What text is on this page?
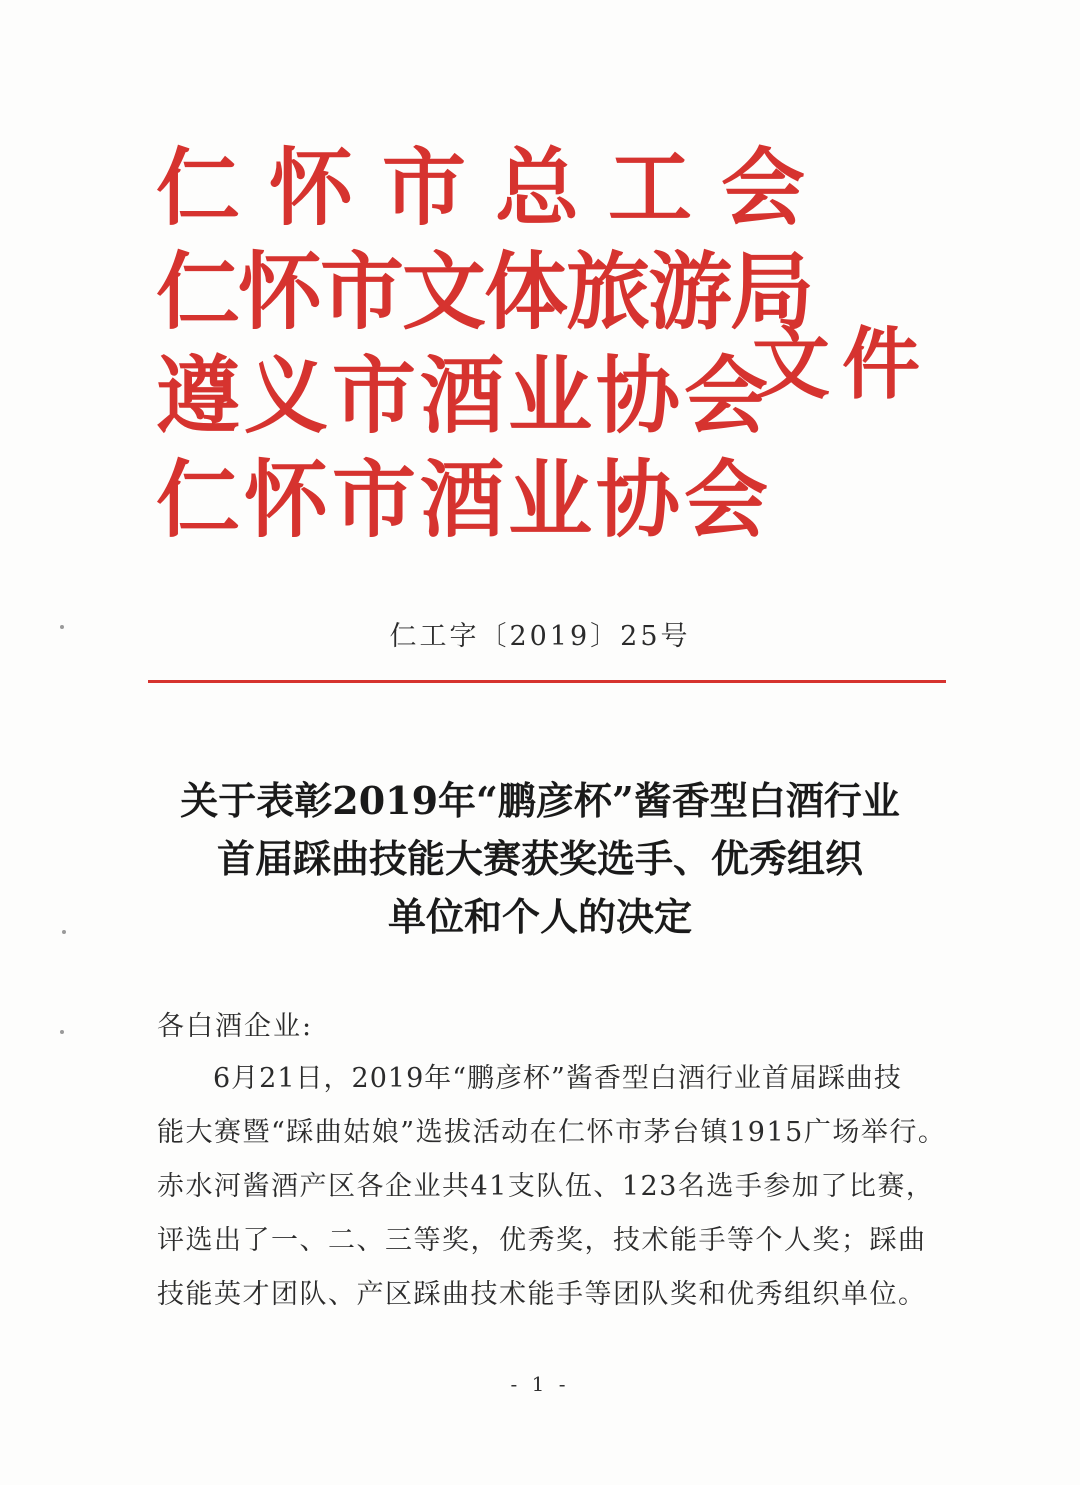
仁怀市总工会
仁怀市文体旅游局
遵义市酒业协会
仁怀市酒业协会
文件
仁工字〔2019〕25号
关于表彰2019年“鹏彦杯”酱香型白酒行业
首届踩曲技能大赛获奖选手、优秀组织
单位和个人的决定
各白酒企业:
6月21日，2019年“鹏彦杯”酱香型白酒行业首届踩曲技
能大赛暨“踩曲姑娘”选拔活动在仁怀市茅台镇1915广场举行。
赤水河酱酒产区各企业共41支队伍、123名选手参加了比赛，
评选出了一、二、三等奖，优秀奖，技术能手等个人奖；踩曲
技能英才团队、产区踩曲技术能手等团队奖和优秀组织单位。
- 1 -
